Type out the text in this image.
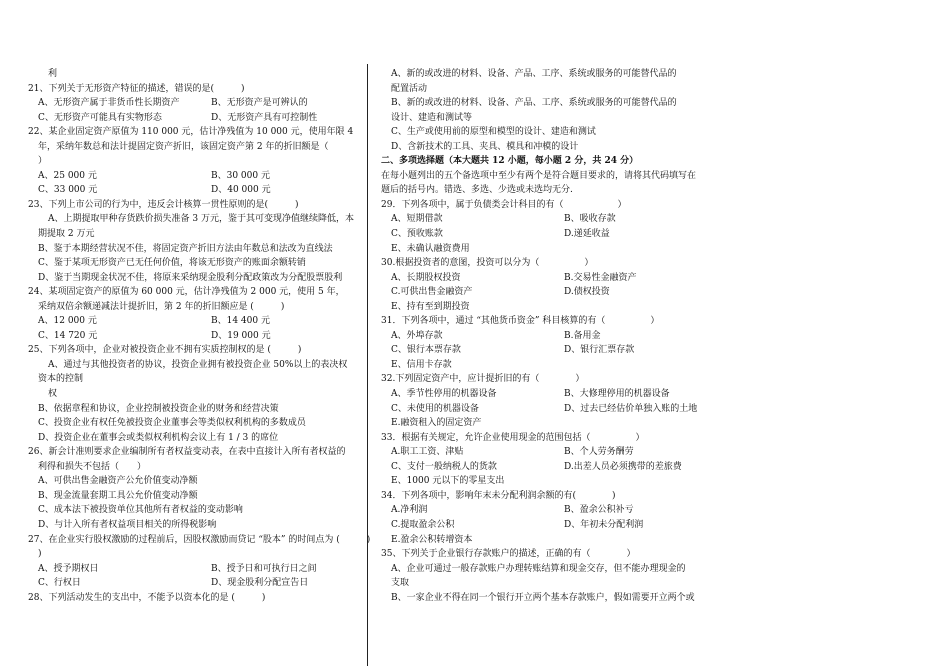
利
21、下列关于无形资产特征的描述，错误的是(　　　)
A、无形资产属于非货币性长期资产	B、无形资产是可辨认的
C、无形资产可能具有实物形态	D、无形资产具有可控制性
22、某企业固定资产原值为 110 000 元，估计净残值为 10 000 元，使用年限 4
年，采纳年数总和法计提固定资产折旧，该固定资产第 2 年的折旧额是（
）
A、25 000 元	B、30 000 元
C、33 000 元	D、40 000 元
23、下列上市公司的行为中，违反会计核算一贯性原则的是(　　　)
A、上期提取甲种存货跌价损失准备 3 万元，鉴于其可变现净值继续降低，本
期提取 2 万元
B、鉴于本期经营状况不佳，将固定资产折旧方法由年数总和法改为直线法
C、鉴于某项无形资产已无任何价值，将该无形资产的账面余额转销
D、鉴于当期现金状况不佳，将原来采纳现金股利分配政策改为分配股票股利
24、某项固定资产的原值为 60 000 元，估计净残值为 2 000 元，使用 5 年，
采纳双倍余额递减法计提折旧，第 2 年的折旧额应是 (　　　)
A、12 000 元	B、14 400 元
C、14 720 元	D、19 000 元
25、下列各项中，企业对被投资企业不拥有实质控制权的是 (　　　)
A、通过与其他投资者的协议，投资企业拥有被投资企业 50%以上的表决权
资本的控制
权
B、依据章程和协议，企业控制被投资企业的财务和经营决策
C、投资企业有权任免被投资企业董事会等类似权利机构的多数成员
D、投资企业在董事会或类似权利机构会议上有 1 / 3 的席位
26、新会计准则要求企业编制所有者权益变动表，在表中直接计入所有者权益的
利得和损失不包括（　　）
A、可供出售金融资产公允价值变动净额
B、现金流量套期工具公允价值变动净额
C、成本法下被投资单位其他所有者权益的变动影响
D、与计入所有者权益项目相关的所得税影响
27、在企业实行股权激励的过程前后，因股权激励而贷记 “股本” 的时间点为 (　　　)
)
A、授予期权日	B、授予日和可执行日之间
C、行权日	D、现金股利分配宣告日
28、下列活动发生的支出中，不能予以资本化的是 (　　　)
A、新的或改进的材料、设备、产品、工序、系统或服务的可能替代品的
配置活动
B、新的或改进的材料、设备、产品、工序、系统或服务的可能替代品的
设计、建造和测试等
C、生产或使用前的原型和模型的设计、建造和测试
D、含新技术的工具、夹具、模具和冲模的设计
二、多项选择题（本大题共 12 小题，每小题 2 分，共 24 分）
在每小题列出的五个备选项中至少有两个是符合题目要求的，请将其代码填写在
题后的括号内。错选、多选、少选或未选均无分.
29．下列各项中，属于负债类会计科目的有（　　　　　　）
A、短期借款	B、吸收存款
C、预收账款	D.递延收益
E、未确认融资费用
30.根据投资者的意图，投资可以分为（　　　　　）
A、长期股权投资	B.交易性金融资产
C.可供出售金融资产	D.债权投资
E、持有至到期投资
31．下列各项中，通过 “其他货币资金” 科目核算的有（　　　　　）
A、外埠存款	B.备用金
C、银行本票存款	D、银行汇票存款
E、信用卡存款
32.下列固定资产中，应计提折旧的有（　　　　）
A、季节性停用的机器设备	B、大修理停用的机器设备
C、未使用的机器设备	D、过去已经估价单独入账的土地
E.融资租入的固定资产
33．根据有关规定，允许企业使用现金的范围包括（　　　　　）
A.职工工资、津贴	B、个人劳务酬劳
C、支付一般纳税人的货款	D.出差人员必须携带的差旅费
E、1000 元以下的零星支出
34．下列各项中，影响年末未分配利润余额的有(　　　　)
A.净利润	B、盈余公积补亏
C.提取盈余公积	D、年初未分配利润
E.盈余公积转增资本
35、下列关于企业银行存款账户的描述，正确的有（　　　　）
A、企业可通过一般存款账户办理转账结算和现金交存，但不能办理现金的
支取
B、一家企业不得在同一个银行开立两个基本存款账户，假如需要开立两个或
